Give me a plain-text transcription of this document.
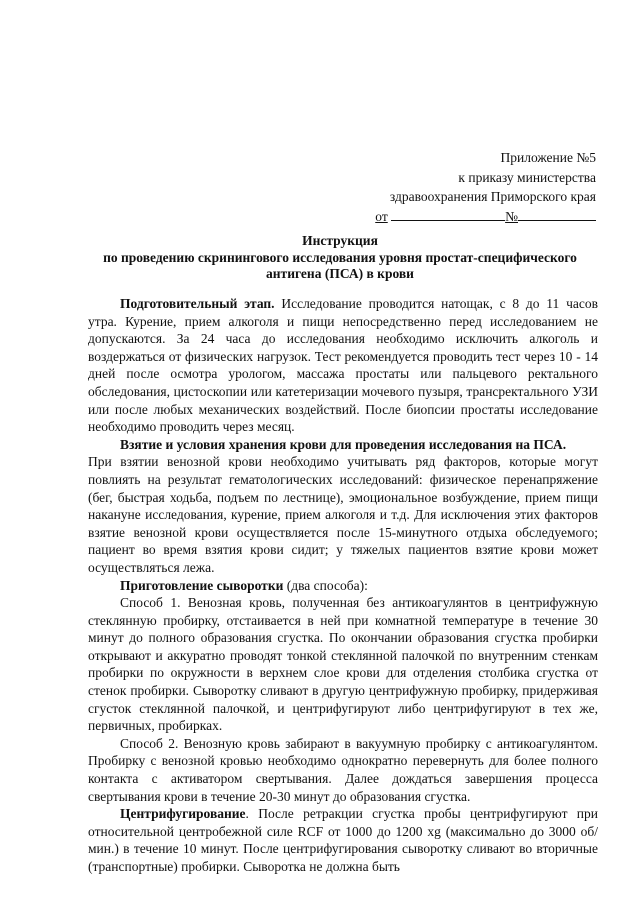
Приложение №5
к приказу министерства
здравоохранения Приморского края
от	№
Инструкция
по проведению скринингового исследования уровня простат-специфического
антигена (ПСА) в крови

Подготовительный этап. Исследование проводится натощак, с 8 до 11 часов утра. Курение, прием алкоголя и пищи непосредственно перед исследованием не допускаются. За 24 часа до исследования необходимо исключить алкоголь и воздержаться от физических нагрузок. Тест рекомендуется проводить тест через 10 - 14 дней после осмотра урологом, массажа простаты или пальцевого ректального обследования, цистоскопии или катетеризации мочевого пузыря, трансректального УЗИ или после любых механических воздействий. После биопсии простаты исследование необходимо проводить через месяц.

Взятие и условия хранения крови для проведения исследования на ПСА.

При взятии венозной крови необходимо учитывать ряд факторов, которые могут повлиять на результат гематологических исследований: физическое перенапряжение (бег, быстрая ходьба, подъем по лестнице), эмоциональное возбуждение, прием пищи накануне исследования, курение, прием алкоголя и т.д. Для исключения этих факторов взятие венозной крови осуществляется после 15-минутного отдыха обследуемого; пациент во время взятия крови сидит; у тяжелых пациентов взятие крови может осуществляться лежа.

Приготовление сыворотки (два способа):

Способ 1. Венозная кровь, полученная без антикоагулянтов в центрифужную стеклянную пробирку, отстаивается в ней при комнатной температуре в течение 30 минут до полного образования сгустка. По окончании образования сгустка пробирки открывают и аккуратно проводят тонкой стеклянной палочкой по внутренним стенкам пробирки по окружности в верхнем слое крови для отделения столбика сгустка от стенок пробирки. Сыворотку сливают в другую центрифужную пробирку, придерживая сгусток стеклянной палочкой, и центрифугируют либо центрифугируют в тех же, первичных, пробирках.

Способ 2. Венозную кровь забирают в вакуумную пробирку с антикоагулянтом. Пробирку с венозной кровью необходимо однократно перевернуть для более полного контакта с активатором свертывания. Далее дождаться завершения процесса свертывания крови в течение 20-30 минут до образования сгустка.

Центрифугирование. После ретракции сгустка пробы центрифугируют при относительной центробежной силе RCF от 1000 до 1200 xg (максимально до 3000 об/мин.) в течение 10 минут. После центрифугирования сыворотку сливают во вторичные (транспортные) пробирки. Сыворотка не должна быть
